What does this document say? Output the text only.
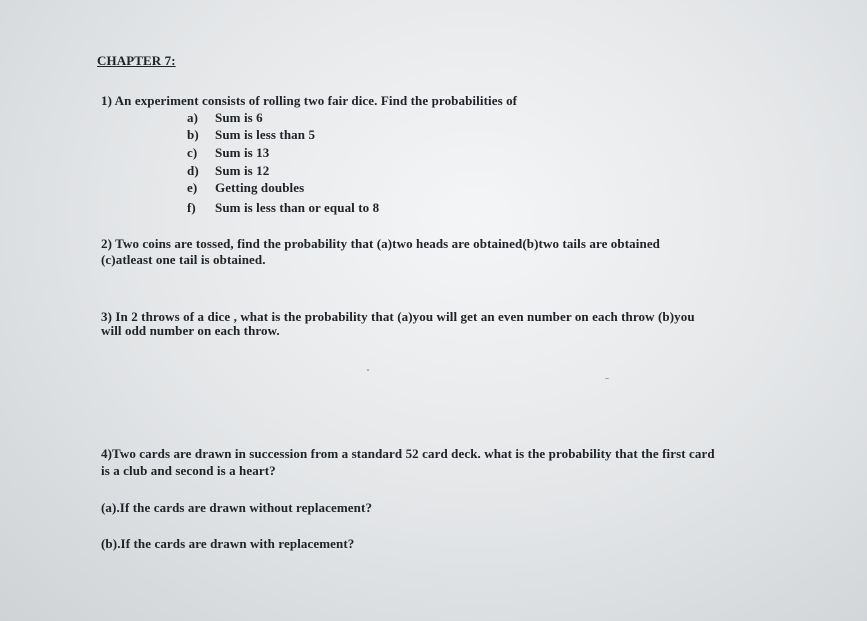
CHAPTER 7:
1) An experiment consists of rolling two fair dice. Find the probabilities of
a) Sum is 6
b) Sum is less than 5
c) Sum is 13
d) Sum is 12
e) Getting doubles
f) Sum is less than or equal to 8
2) Two coins are tossed, find the probability that (a)two heads are obtained(b)two tails are obtained
(c)atleast one tail is obtained.
3) In 2 throws of a dice , what is the probability that (a)you will get an even number on each throw (b)you
will odd number on each throw.
4)Two cards are drawn in succession from a standard 52 card deck. what is the probability that the first card
is a club and second is a heart?
(a).If the cards are drawn without replacement?
(b).If the cards are drawn with replacement?
